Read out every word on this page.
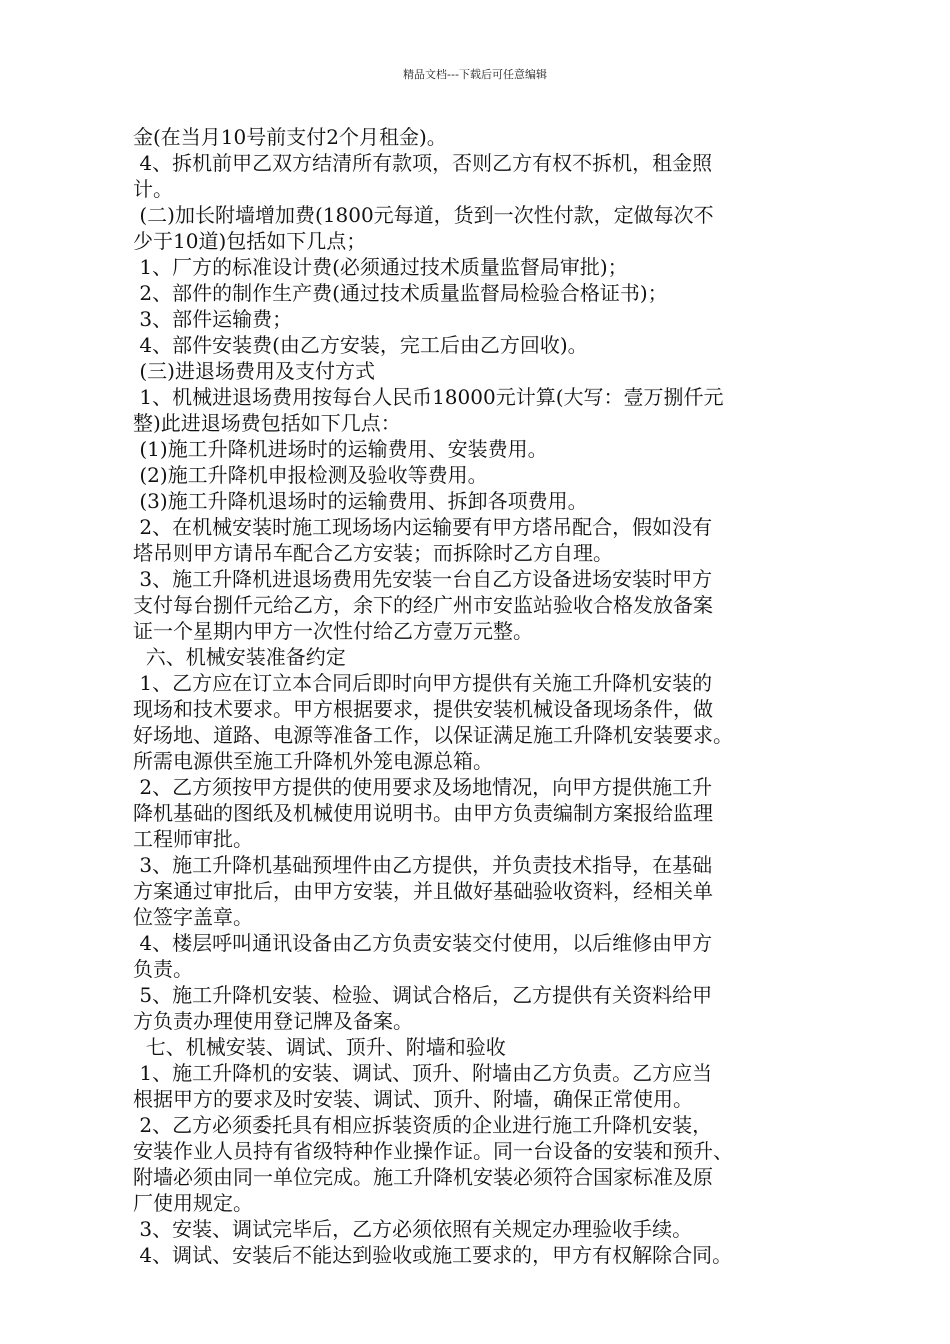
精品文档---下载后可任意编辑
金(在当月10号前支付2个月租金)。
4、拆机前甲乙双方结清所有款项，否则乙方有权不拆机，租金照
计。
(二)加长附墙增加费(1800元每道，货到一次性付款，定做每次不
少于10道)包括如下几点；
1、厂方的标准设计费(必须通过技术质量监督局审批)；
2、部件的制作生产费(通过技术质量监督局检验合格证书)；
3、部件运输费；
4、部件安装费(由乙方安装，完工后由乙方回收)。
(三)进退场费用及支付方式
1、机械进退场费用按每台人民币18000元计算(大写：壹万捌仟元
整)此进退场费包括如下几点：
(1)施工升降机进场时的运输费用、安装费用。
(2)施工升降机申报检测及验收等费用。
(3)施工升降机退场时的运输费用、拆卸各项费用。
2、在机械安装时施工现场场内运输要有甲方塔吊配合，假如没有
塔吊则甲方请吊车配合乙方安装；而拆除时乙方自理。
3、施工升降机进退场费用先安装一台自乙方设备进场安装时甲方
支付每台捌仟元给乙方，余下的经广州市安监站验收合格发放备案
证一个星期内甲方一次性付给乙方壹万元整。
六、机械安装准备约定
1、乙方应在订立本合同后即时向甲方提供有关施工升降机安装的
现场和技术要求。甲方根据要求，提供安装机械设备现场条件，做
好场地、道路、电源等准备工作，以保证满足施工升降机安装要求。
所需电源供至施工升降机外笼电源总箱。
2、乙方须按甲方提供的使用要求及场地情况，向甲方提供施工升
降机基础的图纸及机械使用说明书。由甲方负责编制方案报给监理
工程师审批。
3、施工升降机基础预埋件由乙方提供，并负责技术指导，在基础
方案通过审批后，由甲方安装，并且做好基础验收资料，经相关单
位签字盖章。
4、楼层呼叫通讯设备由乙方负责安装交付使用，以后维修由甲方
负责。
5、施工升降机安装、检验、调试合格后，乙方提供有关资料给甲
方负责办理使用登记牌及备案。
七、机械安装、调试、顶升、附墙和验收
1、施工升降机的安装、调试、顶升、附墙由乙方负责。乙方应当
根据甲方的要求及时安装、调试、顶升、附墙，确保正常使用。
2、乙方必须委托具有相应拆装资质的企业进行施工升降机安装，
安装作业人员持有省级特种作业操作证。同一台设备的安装和预升、
附墙必须由同一单位完成。施工升降机安装必须符合国家标准及原
厂使用规定。
3、安装、调试完毕后，乙方必须依照有关规定办理验收手续。
4、调试、安装后不能达到验收或施工要求的，甲方有权解除合同。
